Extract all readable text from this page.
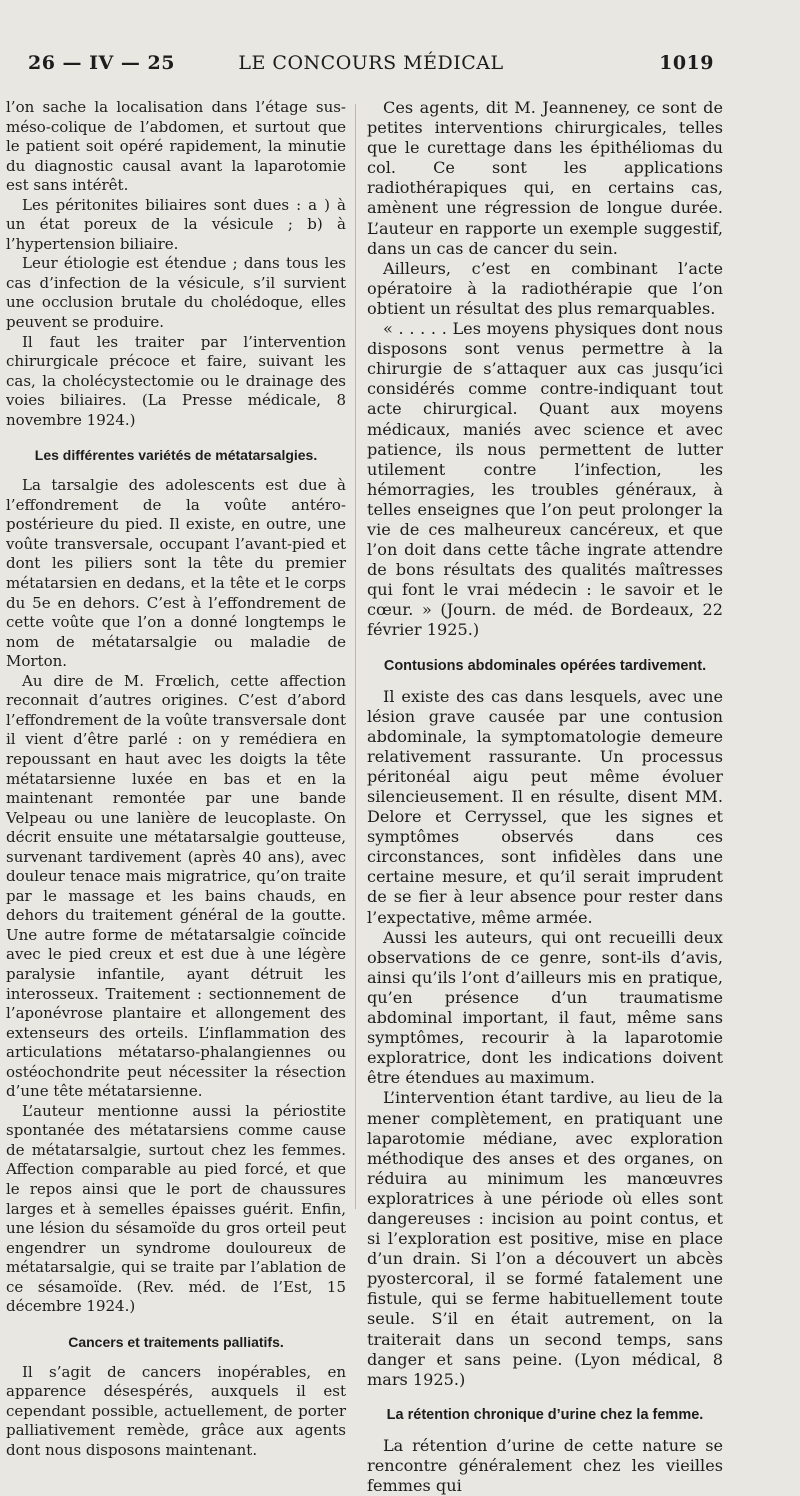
26 — IV — 25	LE CONCOURS MÉDICAL	1019

l’on sache la localisation dans l’étage sus-méso-colique de l’abdomen, et surtout que le patient soit opéré rapidement, la minutie du diagnostic causal avant la laparotomie est sans intérêt.

Les péritonites biliaires sont dues : a ) à un état poreux de la vésicule ; b) à l’hypertension biliaire.

Leur étiologie est étendue ; dans tous les cas d’infection de la vésicule, s’il survient une occlusion brutale du cholédoque, elles peuvent se produire.

Il faut les traiter par l’intervention chirurgicale précoce et faire, suivant les cas, la cholécystectomie ou le drainage des voies biliaires. (La Presse médicale, 8 novembre 1924.)

Les différentes variétés de métatarsalgies.

La tarsalgie des adolescents est due à l’effondrement de la voûte antéro-postérieure du pied. Il existe, en outre, une voûte transversale, occupant l’avant-pied et dont les piliers sont la tête du premier métatarsien en dedans, et la tête et le corps du 5e en dehors. C’est à l’effondrement de cette voûte que l’on a donné longtemps le nom de métatarsalgie ou maladie de Morton.

Au dire de M. Frœlich, cette affection reconnait d’autres origines. C’est d’abord l’effondrement de la voûte transversale dont il vient d’être parlé : on y remédiera en repoussant en haut avec les doigts la tête métatarsienne luxée en bas et en la maintenant remontée par une bande Velpeau ou une lanière de leucoplaste. On décrit ensuite une métatarsalgie goutteuse, survenant tardivement (après 40 ans), avec douleur tenace mais migratrice, qu’on traite par le massage et les bains chauds, en dehors du traitement général de la goutte. Une autre forme de métatarsalgie coïncide avec le pied creux et est due à une légère paralysie infantile, ayant détruit les interosseux. Traitement : sectionnement de l’aponévrose plantaire et allongement des extenseurs des orteils. L’inflammation des articulations métatarso-phalangiennes ou ostéochondrite peut nécessiter la résection d’une tête métatarsienne.

L’auteur mentionne aussi la périostite spontanée des métatarsiens comme cause de métatarsalgie, surtout chez les femmes. Affection comparable au pied forcé, et que le repos ainsi que le port de chaussures larges et à semelles épaisses guérit. Enfin, une lésion du sésamoïde du gros orteil peut engendrer un syndrome douloureux de métatarsalgie, qui se traite par l’ablation de ce sésamoïde. (Rev. méd. de l’Est, 15 décembre 1924.)

Cancers et traitements palliatifs.

Il s’agit de cancers inopérables, en apparence désespérés, auxquels il est cependant possible, actuellement, de porter palliativement remède, grâce aux agents dont nous disposons maintenant.

Ces agents, dit M. Jeanneney, ce sont de petites interventions chirurgicales, telles que le curettage dans les épithéliomas du col. Ce sont les applications radiothérapiques qui, en certains cas, amènent une régression de longue durée. L’auteur en rapporte un exemple suggestif, dans un cas de cancer du sein.

Ailleurs, c’est en combinant l’acte opératoire à la radiothérapie que l’on obtient un résultat des plus remarquables.

« . . . . . Les moyens physiques dont nous disposons sont venus permettre à la chirurgie de s’attaquer aux cas jusqu’ici considérés comme contre-indiquant tout acte chirurgical. Quant aux moyens médicaux, maniés avec science et avec patience, ils nous permettent de lutter utilement contre l’infection, les hémorragies, les troubles généraux, à telles enseignes que l’on peut prolonger la vie de ces malheureux cancéreux, et que l’on doit dans cette tâche ingrate attendre de bons résultats des qualités maîtresses qui font le vrai médecin : le savoir et le cœur. » (Journ. de méd. de Bordeaux, 22 février 1925.)

Contusions abdominales opérées tardivement.

Il existe des cas dans lesquels, avec une lésion grave causée par une contusion abdominale, la symptomatologie demeure relativement rassurante. Un processus péritonéal aigu peut même évoluer silencieusement. Il en résulte, disent MM. Delore et Cerryssel, que les signes et symptômes observés dans ces circonstances, sont infidèles dans une certaine mesure, et qu’il serait imprudent de se fier à leur absence pour rester dans l’expectative, même armée.

Aussi les auteurs, qui ont recueilli deux observations de ce genre, sont-ils d’avis, ainsi qu’ils l’ont d’ailleurs mis en pratique, qu’en présence d’un traumatisme abdominal important, il faut, même sans symptômes, recourir à la laparotomie exploratrice, dont les indications doivent être étendues au maximum.

L’intervention étant tardive, au lieu de la mener complètement, en pratiquant une laparotomie médiane, avec exploration méthodique des anses et des organes, on réduira au minimum les manœuvres exploratrices à une période où elles sont dangereuses : incision au point contus, et si l’exploration est positive, mise en place d’un drain. Si l’on a découvert un abcès pyostercoral, il se formé fatalement une fistule, qui se ferme habituellement toute seule. S’il en était autrement, on la traiterait dans un second temps, sans danger et sans peine. (Lyon médical, 8 mars 1925.)

La rétention chronique d’urine chez la femme.

La rétention d’urine de cette nature se rencontre généralement chez les vieilles femmes qui
